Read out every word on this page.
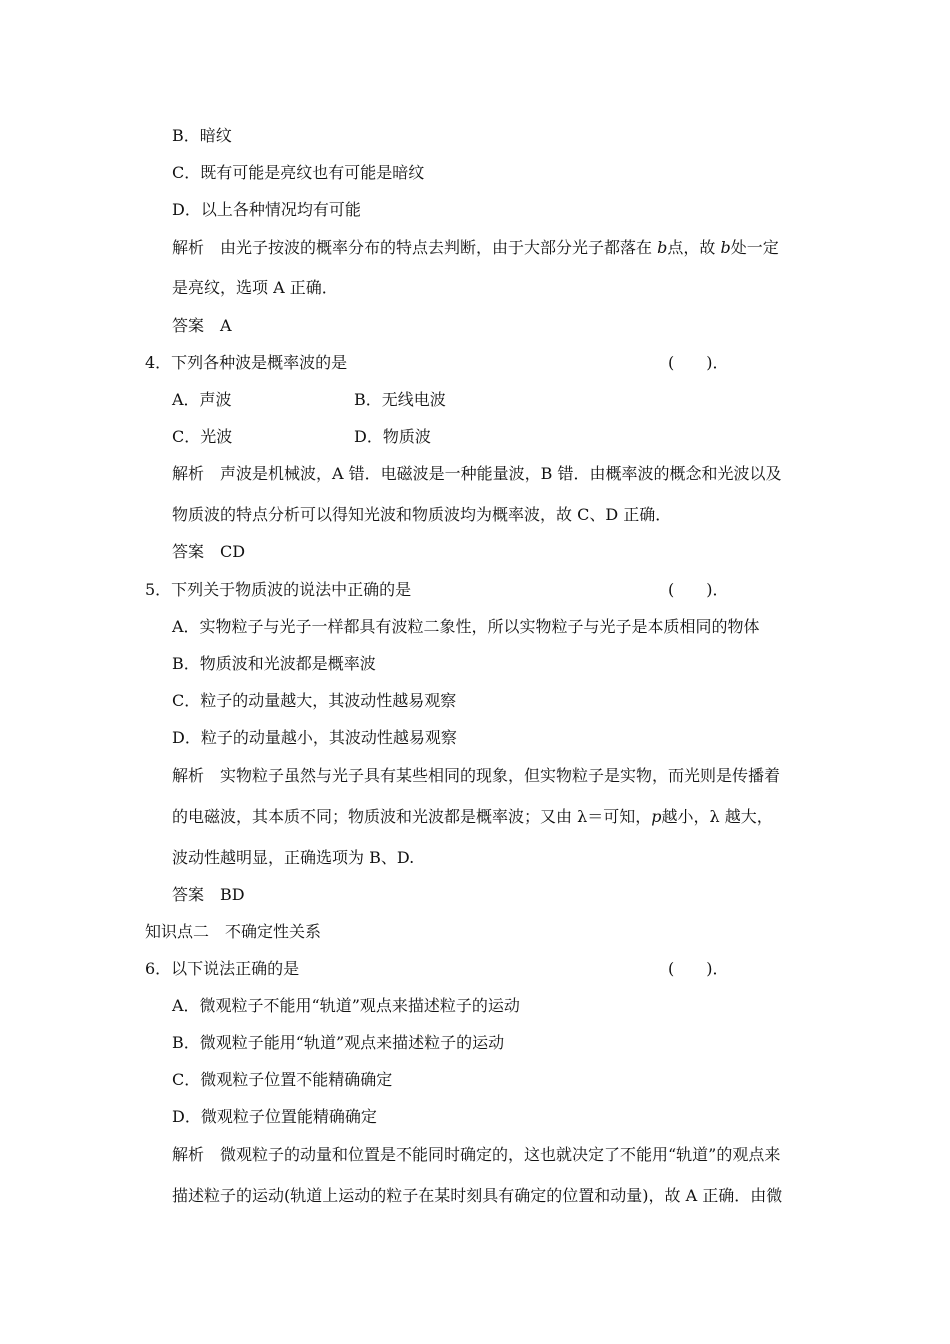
B．暗纹
C．既有可能是亮纹也有可能是暗纹
D．以上各种情况均有可能
解析　由光子按波的概率分布的特点去判断，由于大部分光子都落在 b点，故 b处一定
是亮纹，选项 A 正确．
答案　A
4．下列各种波是概率波的是	(　　)．
A．声波	B．无线电波
C．光波	D．物质波
解析　声波是机械波，A 错．电磁波是一种能量波，B 错．由概率波的概念和光波以及
物质波的特点分析可以得知光波和物质波均为概率波，故 C、D 正确．
答案　CD
5．下列关于物质波的说法中正确的是	(　　)．
A．实物粒子与光子一样都具有波粒二象性，所以实物粒子与光子是本质相同的物体
B．物质波和光波都是概率波
C．粒子的动量越大，其波动性越易观察
D．粒子的动量越小，其波动性越易观察
解析　实物粒子虽然与光子具有某些相同的现象，但实物粒子是实物，而光则是传播着
的电磁波，其本质不同；物质波和光波都是概率波；又由 λ＝可知，p越小，λ 越大，
波动性越明显，正确选项为 B、D.
答案　BD
知识点二　不确定性关系
6．以下说法正确的是	(　　)．
A．微观粒子不能用“轨道”观点来描述粒子的运动
B．微观粒子能用“轨道”观点来描述粒子的运动
C．微观粒子位置不能精确确定
D．微观粒子位置能精确确定
解析　微观粒子的动量和位置是不能同时确定的，这也就决定了不能用“轨道”的观点来
描述粒子的运动(轨道上运动的粒子在某时刻具有确定的位置和动量)，故 A 正确．由微
